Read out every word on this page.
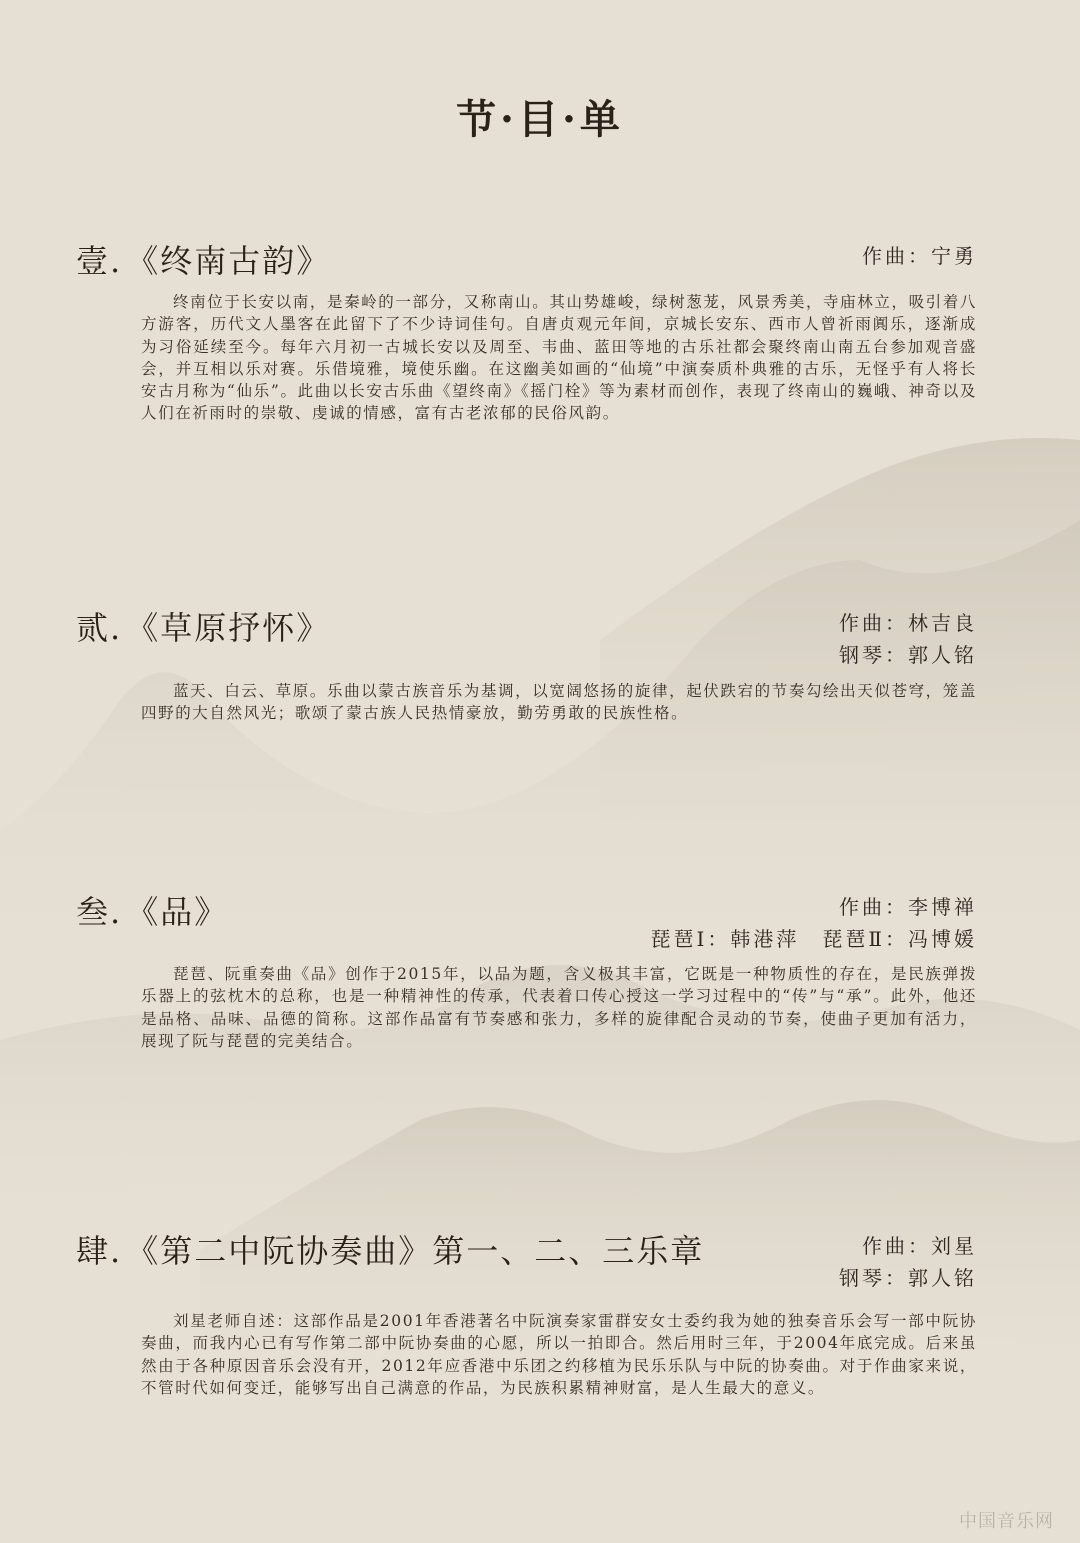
节·目·单
壹. 《终南古韵》	作曲：宁勇
终南位于长安以南，是秦岭的一部分，又称南山。其山势雄峻，绿树葱茏，风景秀美，寺庙林立，吸引着八方游客，历代文人墨客在此留下了不少诗词佳句。自唐贞观元年间，京城长安东、西市人曾祈雨阗乐，逐渐成为习俗延续至今。每年六月初一古城长安以及周至、韦曲、蓝田等地的古乐社都会聚终南山南五台参加观音盛会，并互相以乐对赛。乐借境雅，境使乐幽。在这幽美如画的“仙境”中演奏质朴典雅的古乐，无怪乎有人将长安古月称为“仙乐”。此曲以长安古乐曲《望终南》《摇门栓》等为素材而创作，表现了终南山的巍峨、神奇以及人们在祈雨时的崇敬、虔诚的情感，富有古老浓郁的民俗风韵。
贰. 《草原抒怀》	作曲：林吉良
钢琴：郭人铭
蓝天、白云、草原。乐曲以蒙古族音乐为基调，以宽阔悠扬的旋律，起伏跌宕的节奏勾绘出天似苍穹，笼盖四野的大自然风光；歌颂了蒙古族人民热情豪放，勤劳勇敢的民族性格。
叁. 《品》	作曲：李博禅
琵琶Ⅰ：韩港萍　琵琶Ⅱ：冯博媛
琵琶、阮重奏曲《品》创作于2015年，以品为题，含义极其丰富，它既是一种物质性的存在，是民族弹拨乐器上的弦枕木的总称，也是一种精神性的传承，代表着口传心授这一学习过程中的“传”与“承”。此外，他还是品格、品味、品德的简称。这部作品富有节奏感和张力，多样的旋律配合灵动的节奏，使曲子更加有活力，展现了阮与琵琶的完美结合。
肆. 《第二中阮协奏曲》第一、二、三乐章	作曲：刘星
钢琴：郭人铭
刘星老师自述：这部作品是2001年香港著名中阮演奏家雷群安女士委约我为她的独奏音乐会写一部中阮协奏曲，而我内心已有写作第二部中阮协奏曲的心愿，所以一拍即合。然后用时三年，于2004年底完成。后来虽然由于各种原因音乐会没有开，2012年应香港中乐团之约移植为民乐乐队与中阮的协奏曲。对于作曲家来说，不管时代如何变迁，能够写出自己满意的作品，为民族积累精神财富，是人生最大的意义。
中国音乐网
